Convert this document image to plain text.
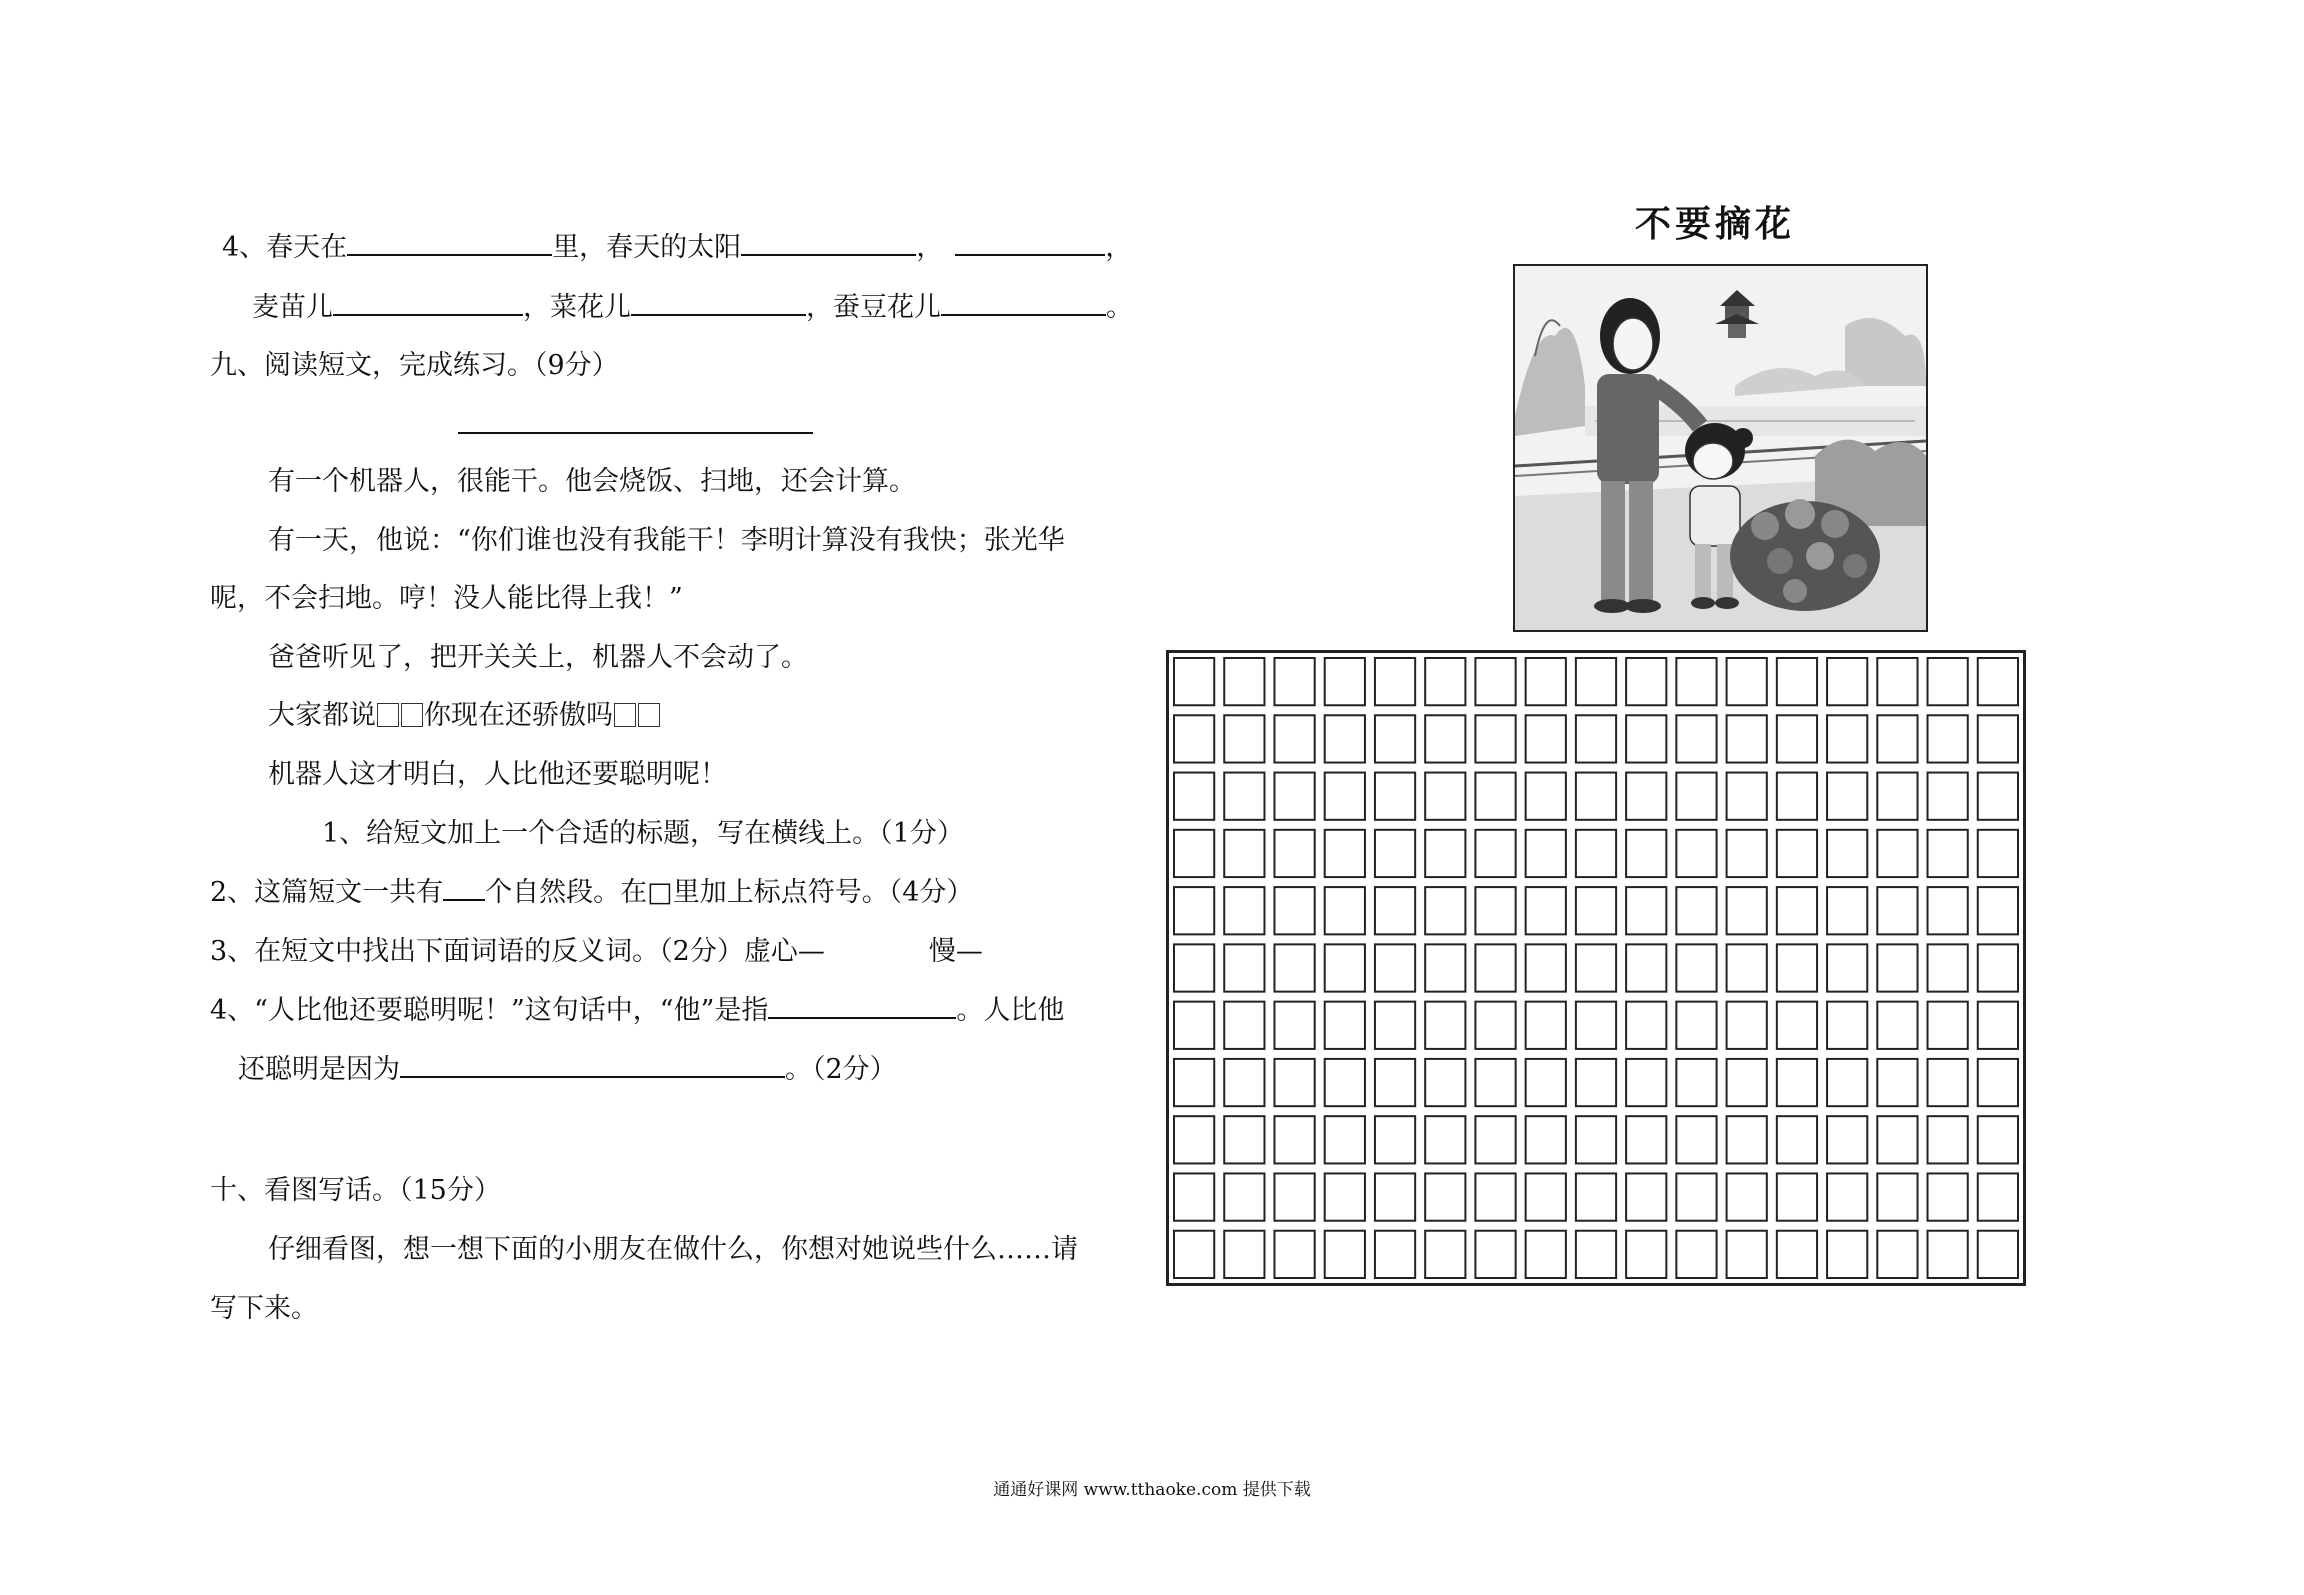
4、春天在	里，春天的太阳	，	，
麦苗儿	，菜花儿	，蚕豆花儿	。
九、阅读短文，完成练习。（9分）
有一个机器人，很能干。他会烧饭、扫地，还会计算。
有一天，他说：“你们谁也没有我能干！李明计算没有我快；张光华
呢，不会扫地。哼！没人能比得上我！”
爸爸听见了，把开关关上，机器人不会动了。
大家都说 你现在还骄傲吗
机器人这才明白，人比他还要聪明呢！
1、给短文加上一个合适的标题，写在横线上。（1分）
2、这篇短文一共有 个自然段。在□里加上标点符号。（4分）
3、在短文中找出下面词语的反义词。（2分）虚心—	慢—
4、“人比他还要聪明呢！”这句话中，“他”是指	。人比他
还聪明是因为	。（2分）
十、看图写话。（15分）
仔细看图，想一想下面的小朋友在做什么，你想对她说些什么……请
写下来。
不要摘花
通通好课网 www.tthaoke.com 提供下载
